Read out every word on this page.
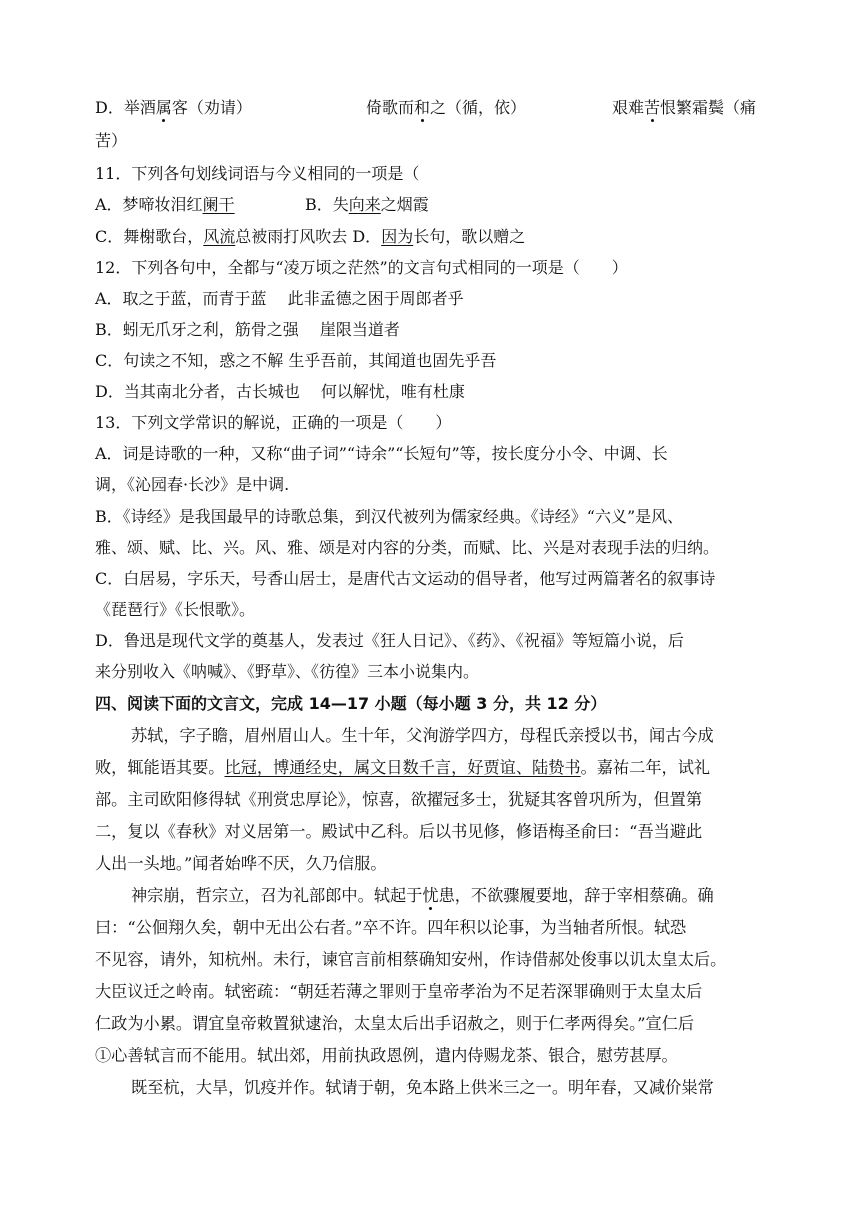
D．举酒属客（劝请）	倚歌而和之（循，依）	艰难苦恨繁霜鬓（痛
苦）
11．下列各句划线词语与今义相同的一项是（
A．梦啼妆泪红阑干	B．失向来之烟霞
C．舞榭歌台，风流总被雨打风吹去 D．因为长句，歌以赠之
12．下列各句中，全都与“凌万顷之茫然”的文言句式相同的一项是（　　）
A．取之于蓝，而青于蓝　 此非孟德之困于周郎者乎
B．蚓无爪牙之利，筋骨之强　 崖限当道者
C．句读之不知，惑之不解 生乎吾前，其闻道也固先乎吾
D．当其南北分者，古长城也　 何以解忧，唯有杜康
13．下列文学常识的解说，正确的一项是（　　）
A．词是诗歌的一种，又称“曲子词”“诗余”“长短句”等，按长度分小令、中调、长
调，《沁园春·长沙》是中调.
B．《诗经》是我国最早的诗歌总集，到汉代被列为儒家经典。《诗经》“六义”是风、
雅、颂、赋、比、兴。风、雅、颂是对内容的分类，而赋、比、兴是对表现手法的归纳。
C．白居易，字乐天，号香山居士，是唐代古文运动的倡导者，他写过两篇著名的叙事诗
《琵琶行》《长恨歌》。
D．鲁迅是现代文学的奠基人，发表过《狂人日记》、《药》、《祝福》等短篇小说，后
来分别收入《呐喊》、《野草》、《彷徨》三本小说集内。
四、阅读下面的文言文，完成 14—17 小题（每小题 3 分，共 12 分）
苏轼，字子瞻，眉州眉山人。生十年，父洵游学四方，母程氏亲授以书，闻古今成
败，辄能语其要。比冠，博通经史，属文日数千言，好贾谊、陆贽书。嘉祐二年，试礼
部。主司欧阳修得轼《刑赏忠厚论》，惊喜，欲擢冠多士，犹疑其客曾巩所为，但置第
二，复以《春秋》对义居第一。殿试中乙科。后以书见修，修语梅圣俞曰：“吾当避此
人出一头地。”闻者始哗不厌，久乃信服。
神宗崩，哲宗立，召为礼部郎中。轼起于忧患，不欲骤履要地，辞于宰相蔡确。确
曰：“公佪翔久矣，朝中无出公右者。”卒不许。四年积以论事，为当轴者所恨。轼恐
不见容，请外，知杭州。未行，谏官言前相蔡确知安州，作诗借郝处俊事以讥太皇太后。
大臣议迁之岭南。轼密疏：“朝廷若薄之罪则于皇帝孝治为不足若深罪确则于太皇太后
仁政为小累。谓宜皇帝敕置狱逮治，太皇太后出手诏赦之，则于仁孝两得矣。”宣仁后
①心善轼言而不能用。轼出郊，用前执政恩例，遣内侍赐龙茶、银合，慰劳甚厚。
既至杭，大旱，饥疫并作。轼请于朝，免本路上供米三之一。明年春，又减价粜常
